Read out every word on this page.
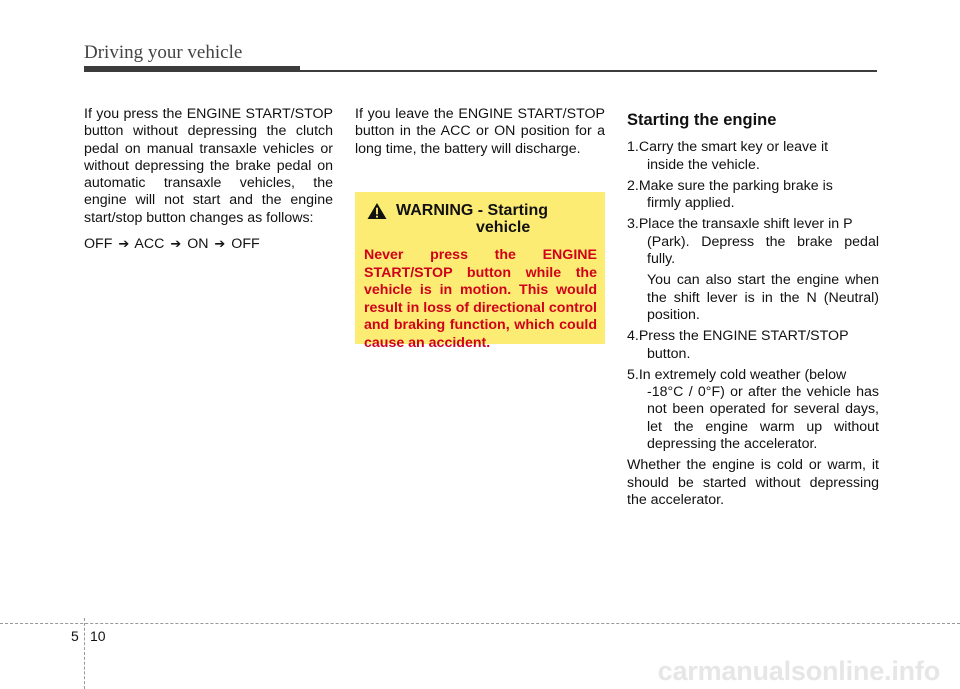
Driving your vehicle

If you press the ENGINE START/STOP button without depressing the clutch pedal on manual transaxle vehicles or without depressing the brake pedal on automatic transaxle vehicles, the engine will not start and the engine start/stop button changes as follows:

OFF ➔ ACC ➔ ON ➔ OFF

If you leave the ENGINE START/STOP button in the ACC or ON position for a long time, the battery will discharge.

WARNING - Starting
vehicle
Never press the ENGINE START/STOP button while the vehicle is in motion. This would result in loss of directional control and braking function, which could cause an accident.
Starting the engine
1.Carry the smart key or leave it
inside the vehicle.
2.Make sure the parking brake is
firmly applied.
3.Place the transaxle shift lever in P
(Park). Depress the brake pedal fully.
You can also start the engine when the shift lever is in the N (Neutral) position.
4.Press the ENGINE START/STOP
button.
5.In extremely cold weather (below
-18°C / 0°F) or after the vehicle has not been operated for several days, let the engine warm up without depressing the accelerator.

Whether the engine is cold or warm, it should be started without depressing the accelerator.

5 10
carmanualsonline.info
